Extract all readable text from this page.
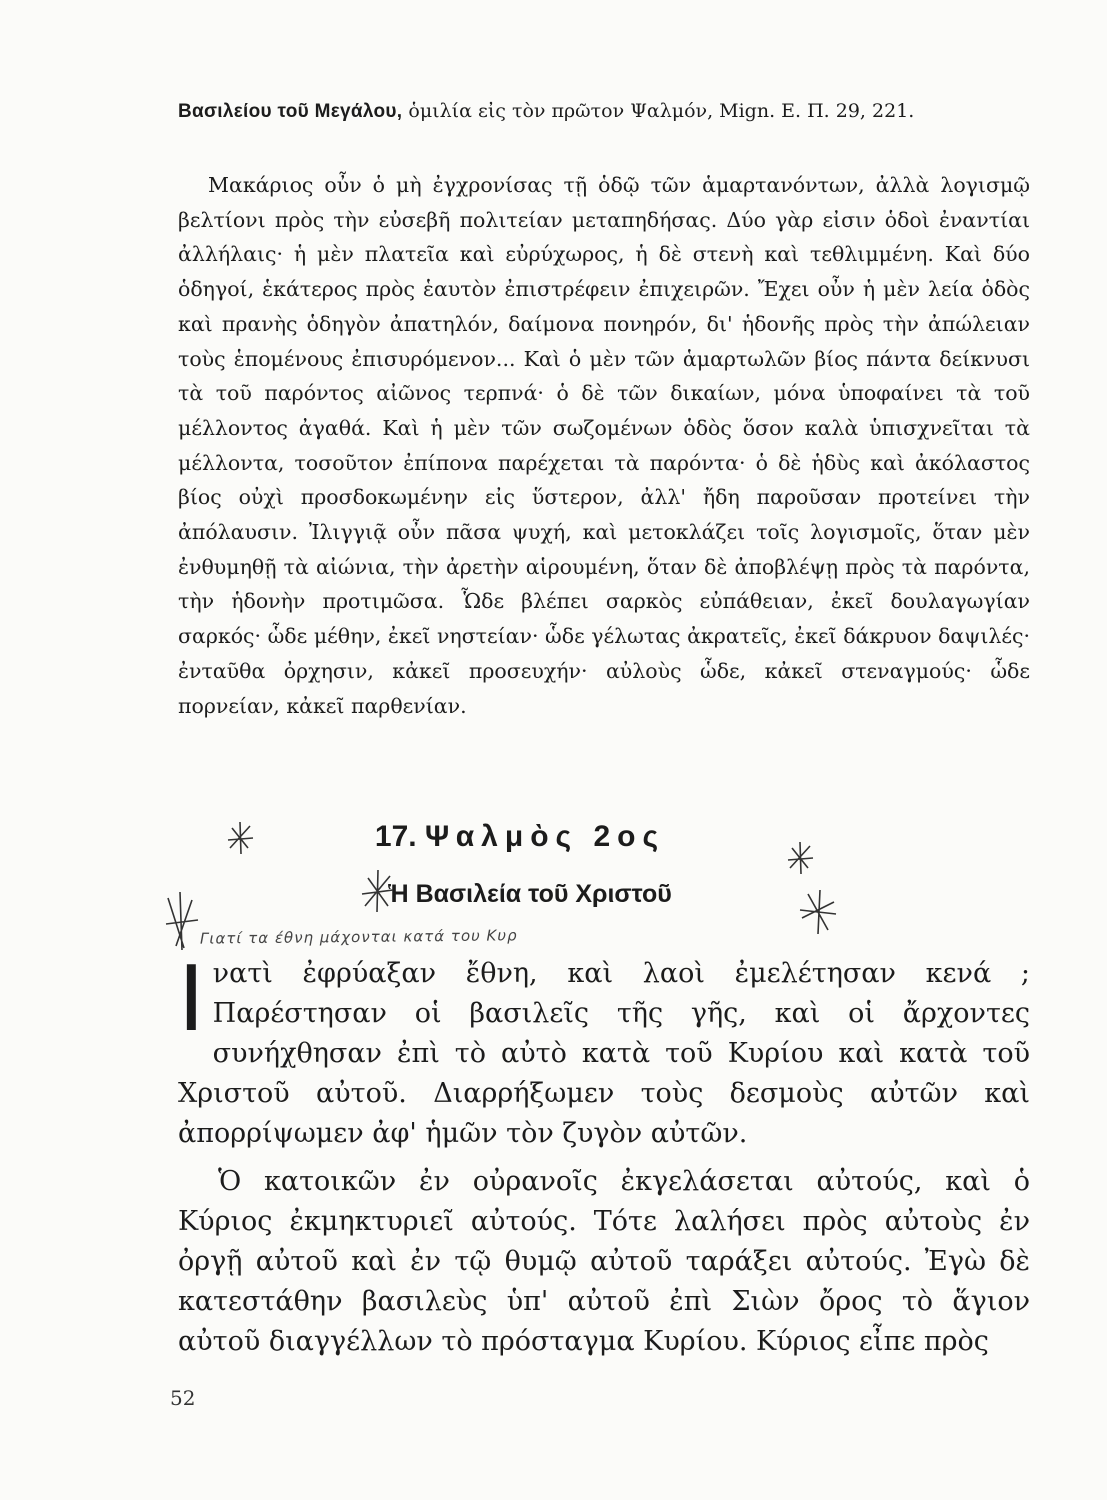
Βασιλείου τοῦ Μεγάλου, ὁμιλία εἰς τὸν πρῶτον Ψαλμόν, Mign. Ε. Π. 29, 221.

Μακάριος οὖν ὁ μὴ ἐγχρονίσας τῇ ὁδῷ τῶν ἁμαρτανόντων, ἀλλὰ λογισμῷ βελτίονι πρὸς τὴν εὐσεβῆ πολιτείαν μεταπηδήσας. Δύο γὰρ εἰσιν ὁδοὶ ἐναντίαι ἀλλήλαις· ἡ μὲν πλατεῖα καὶ εὐρύχωρος, ἡ δὲ στενὴ καὶ τεθλιμμένη. Καὶ δύο ὁδηγοί, ἑκάτερος πρὸς ἑαυτὸν ἐπιστρέφειν ἐπιχειρῶν. Ἔχει οὖν ἡ μὲν λεία ὁδὸς καὶ πρανὴς ὁδηγὸν ἀπατηλόν, δαίμονα πονηρόν, δι' ἡδονῆς πρὸς τὴν ἀπώλειαν τοὺς ἑπομένους ἐπισυρόμενον... Καὶ ὁ μὲν τῶν ἁμαρτωλῶν βίος πάντα δείκνυσι τὰ τοῦ παρόντος αἰῶνος τερπνά· ὁ δὲ τῶν δικαίων, μόνα ὑποφαίνει τὰ τοῦ μέλλοντος ἀγαθά. Καὶ ἡ μὲν τῶν σωζομένων ὁδὸς ὅσον καλὰ ὑπισχνεῖται τὰ μέλλοντα, τοσοῦτον ἐπίπονα παρέχεται τὰ παρόντα· ὁ δὲ ἡδὺς καὶ ἀκόλαστος βίος οὐχὶ προσδοκωμένην εἰς ὕστερον, ἀλλ' ἤδη παροῦσαν προτείνει τὴν ἀπόλαυσιν. Ἰλιγγιᾷ οὖν πᾶσα ψυχή, καὶ μετοκλάζει τοῖς λογισμοῖς, ὅταν μὲν ἐνθυμηθῇ τὰ αἰώνια, τὴν ἀρετὴν αἱρουμένη, ὅταν δὲ ἀποβλέψῃ πρὸς τὰ παρόντα, τὴν ἡδονὴν προτιμῶσα. Ὧδε βλέπει σαρκὸς εὐπάθειαν, ἐκεῖ δουλαγωγίαν σαρκός· ὧδε μέθην, ἐκεῖ νηστείαν· ὧδε γέλωτας ἀκρατεῖς, ἐκεῖ δάκρυον δαψιλές· ἐνταῦθα ὀρχησιν, κἀκεῖ προσευχήν· αὐλοὺς ὧδε, κἀκεῖ στεναγμούς· ὧδε πορνείαν, κἀκεῖ παρθενίαν.

17. Ψαλμὸς 2ος
Ἡ Βασιλεία τοῦ Χριστοῦ
Γιατί τα έθνη μάχονται κατά του Κυρ

Ινατὶ ἐφρύαξαν ἔθνη, καὶ λαοὶ ἐμελέτησαν κενά ; Παρέστησαν οἱ βασιλεῖς τῆς γῆς, καὶ οἱ ἄρχοντες συνήχθησαν ἐπὶ τὸ αὐτὸ κατὰ τοῦ Κυρίου καὶ κατὰ τοῦ Χριστοῦ αὐτοῦ. Διαρρήξωμεν τοὺς δεσμοὺς αὐτῶν καὶ ἀπορρίψωμεν ἀφ' ἡμῶν τὸν ζυγὸν αὐτῶν.

Ὁ κατοικῶν ἐν οὐρανοῖς ἐκγελάσεται αὐτούς, καὶ ὁ Κύριος ἐκμηκτυριεῖ αὐτούς. Τότε λαλήσει πρὸς αὐτοὺς ἐν ὀργῇ αὐτοῦ καὶ ἐν τῷ θυμῷ αὐτοῦ ταράξει αὐτούς. Ἐγὼ δὲ κατεστάθην βασιλεὺς ὑπ' αὐτοῦ ἐπὶ Σιὼν ὄρος τὸ ἅγιον αὐτοῦ διαγγέλλων τὸ πρόσταγμα Κυρίου. Κύριος εἶπε πρὸς

52
